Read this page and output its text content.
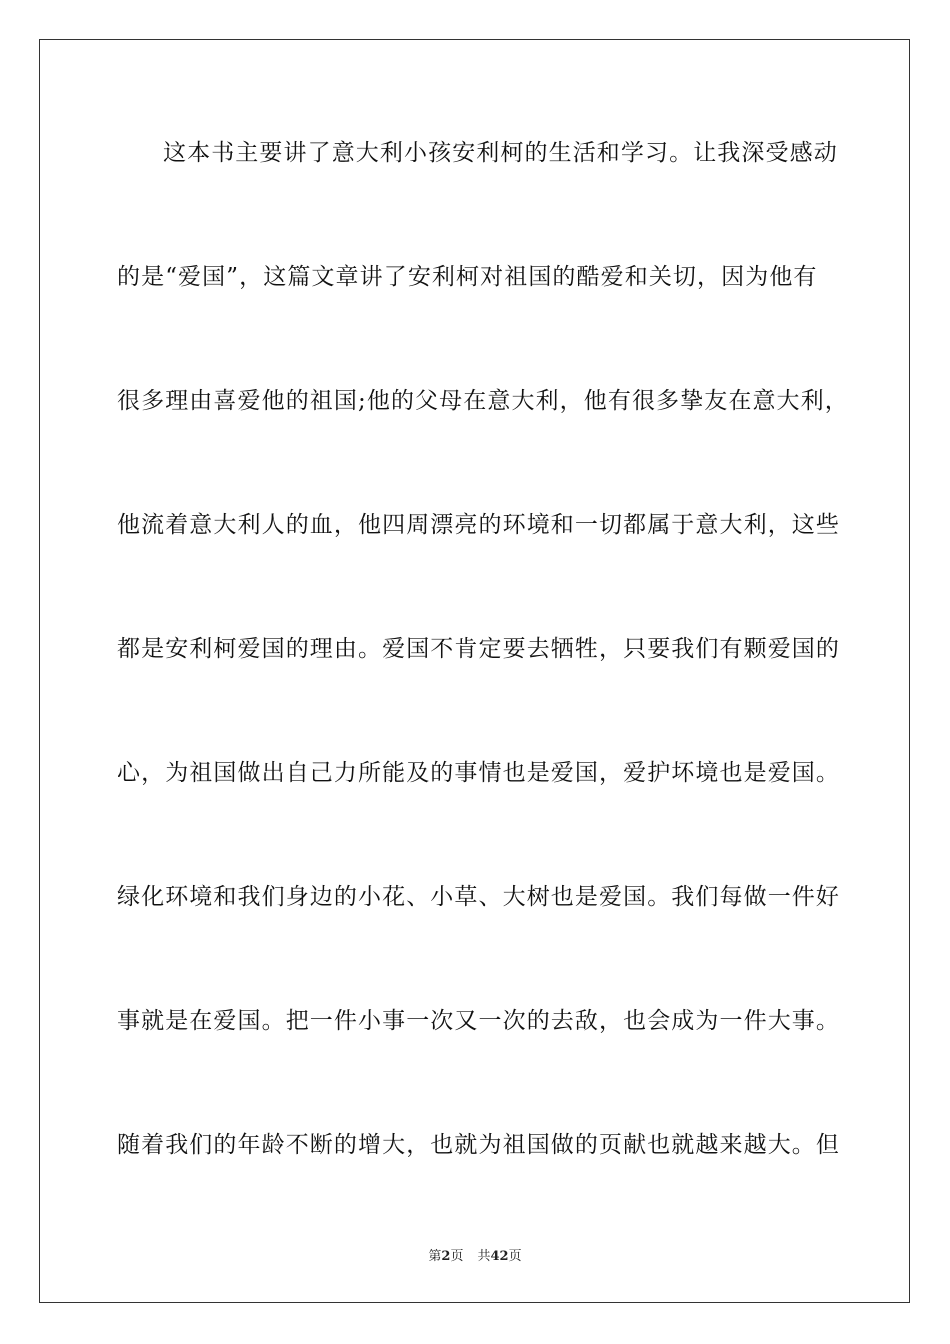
这本书主要讲了意大利小孩安利柯的生活和学习。让我深受感动
的是“爱国”，这篇文章讲了安利柯对祖国的酷爱和关切，因为他有
很多理由喜爱他的祖国;他的父母在意大利，他有很多挚友在意大利，
他流着意大利人的血，他四周漂亮的环境和一切都属于意大利，这些
都是安利柯爱国的理由。爱国不肯定要去牺牲，只要我们有颗爱国的
心，为祖国做出自己力所能及的事情也是爱国，爱护坏境也是爱国。
绿化环境和我们身边的小花、小草、大树也是爱国。我们每做一件好
事就是在爱国。把一件小事一次又一次的去敌，也会成为一件大事。
随着我们的年龄不断的增大，也就为祖国做的页献也就越来越大。但
第2页 共42页
